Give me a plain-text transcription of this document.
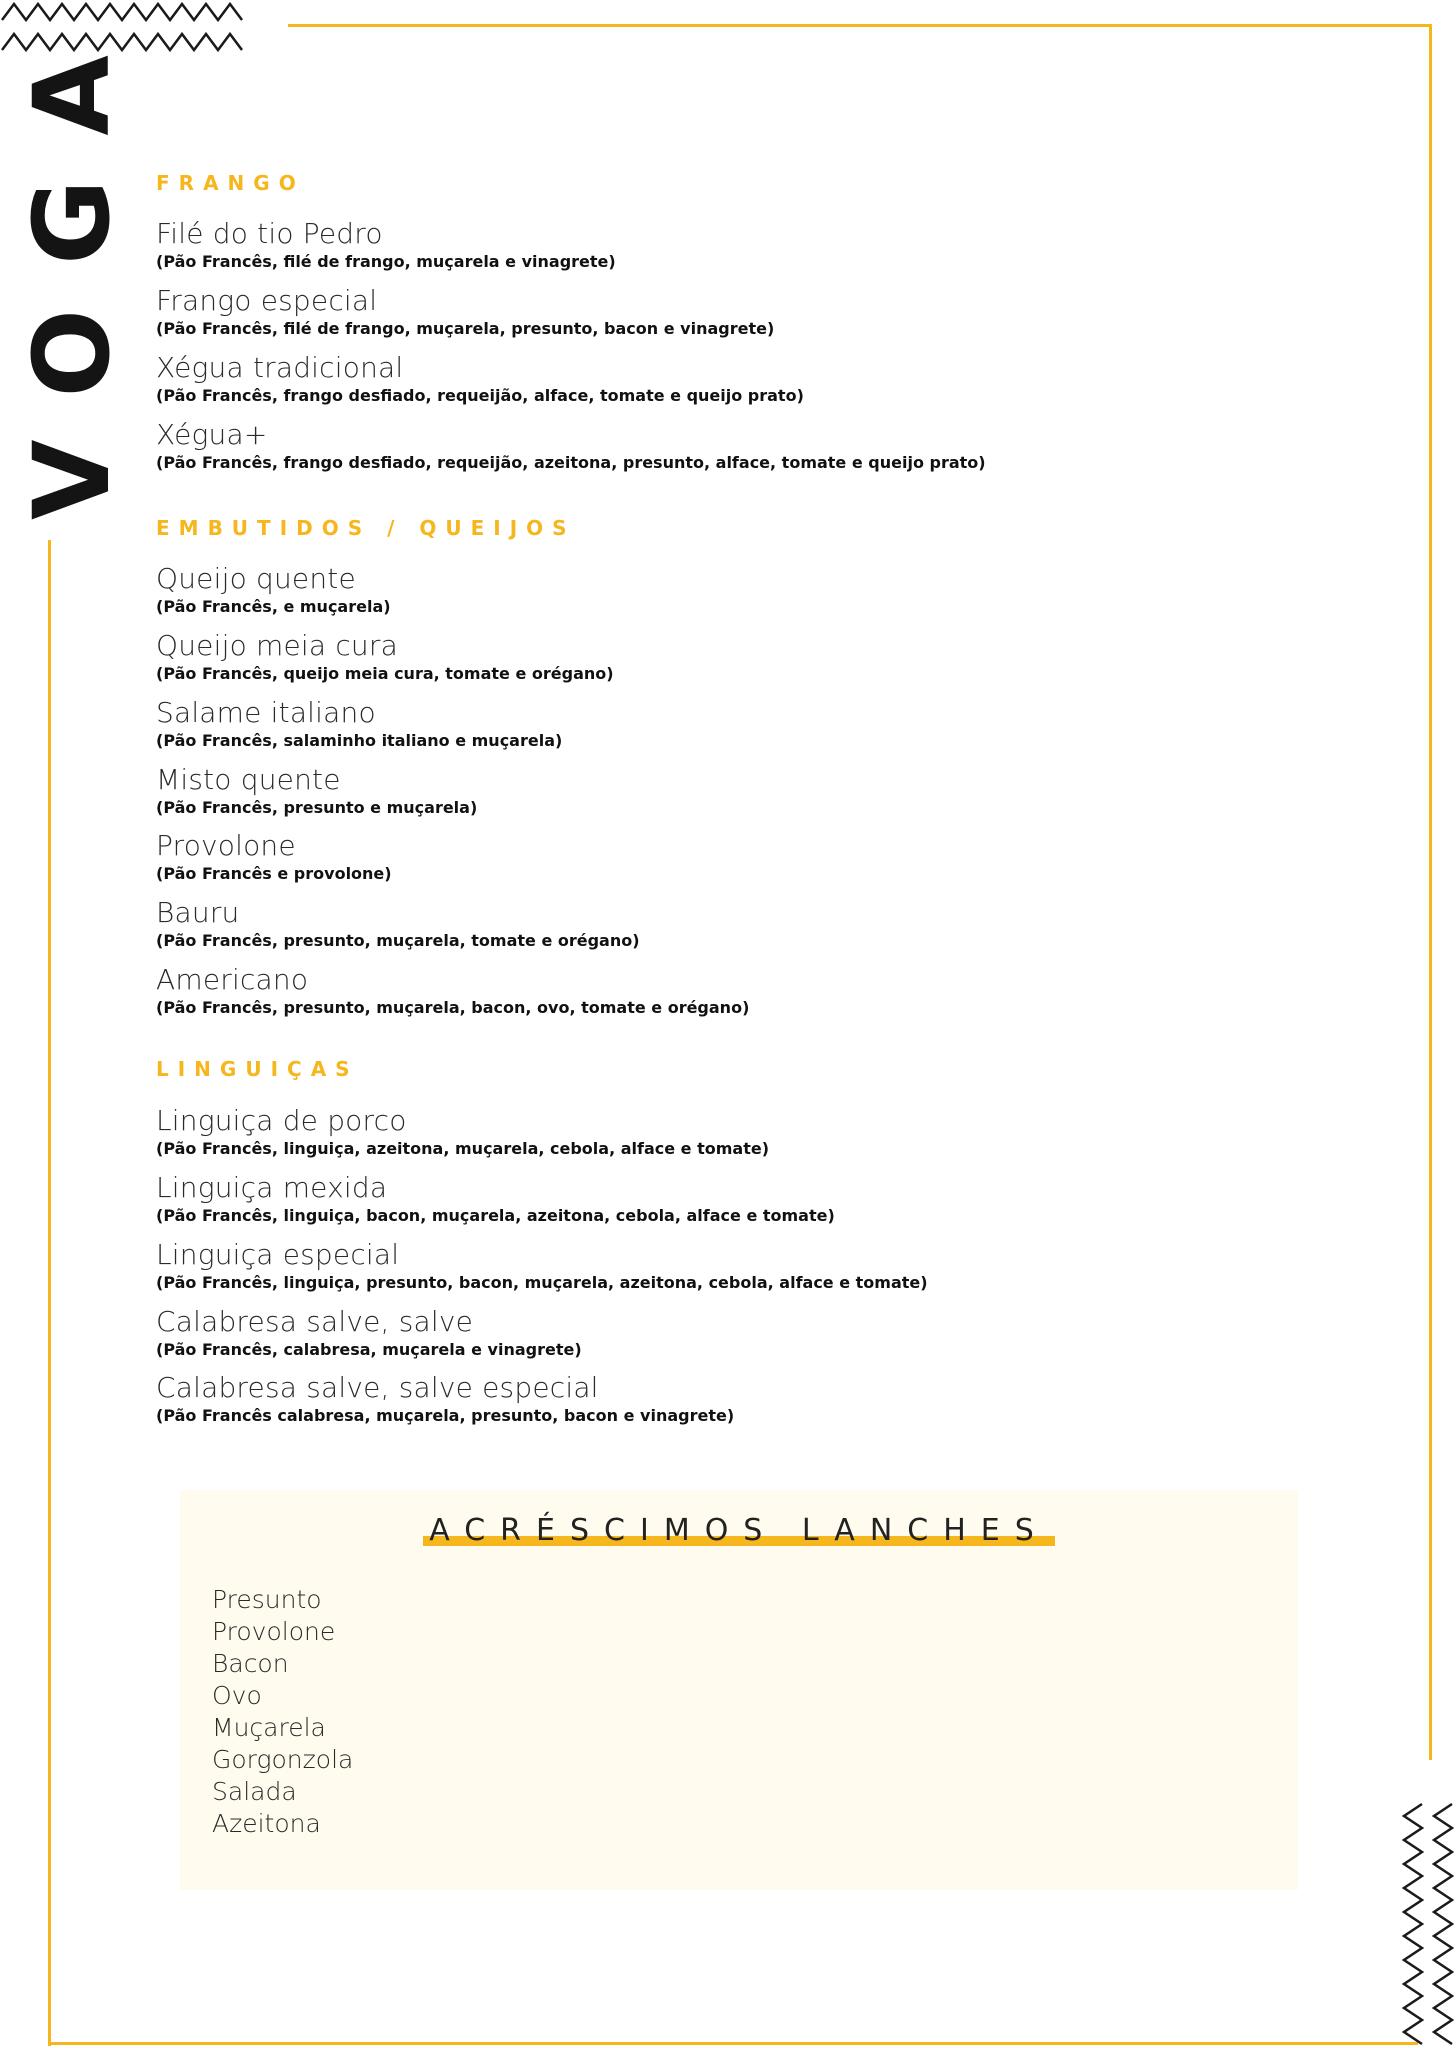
VOGA FRANGO
Filé do tio Pedro
(Pão Francês, filé de frango, muçarela e vinagrete)
Frango especial
(Pão Francês, filé de frango, muçarela, presunto, bacon e vinagrete)
Xégua tradicional
(Pão Francês, frango desfiado, requeijão, alface, tomate e queijo prato)
Xégua+
(Pão Francês, frango desfiado, requeijão, azeitona, presunto, alface, tomate e queijo prato)
EMBUTIDOS / QUEIJOS
Queijo quente
(Pão Francês, e muçarela)
Queijo meia cura
(Pão Francês, queijo meia cura, tomate e orégano)
Salame italiano
(Pão Francês, salaminho italiano e muçarela)
Misto quente
(Pão Francês, presunto e muçarela)
Provolone
(Pão Francês e provolone)
Bauru
(Pão Francês, presunto, muçarela, tomate e orégano)
Americano
(Pão Francês, presunto, muçarela, bacon, ovo, tomate e orégano)
LINGUIÇAS
Linguiça de porco
(Pão Francês, linguiça, azeitona, muçarela, cebola, alface e tomate)
Linguiça mexida
(Pão Francês, linguiça, bacon, muçarela, azeitona, cebola, alface e tomate)
Linguiça especial
(Pão Francês, linguiça, presunto, bacon, muçarela, azeitona, cebola, alface e tomate)
Calabresa salve, salve
(Pão Francês, calabresa, muçarela e vinagrete)
Calabresa salve, salve especial
(Pão Francês calabresa, muçarela, presunto, bacon e vinagrete)
ACRÉSCIMOS LANCHES
Presunto
Provolone
Bacon
Ovo
Muçarela
Gorgonzola
Salada
Azeitona
